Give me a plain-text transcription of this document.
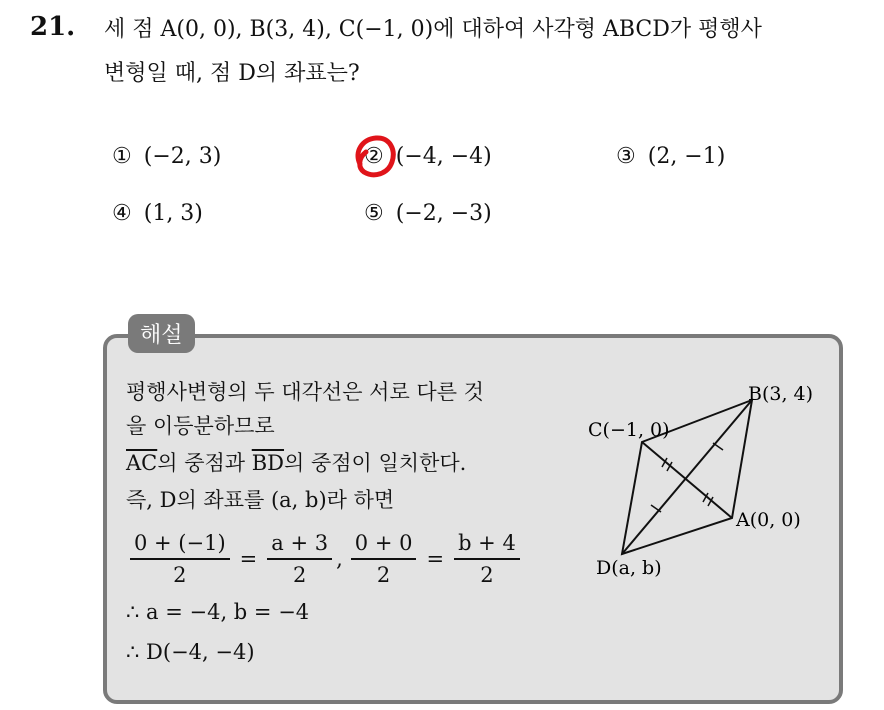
21. 세 점 A(0, 0), B(3, 4), C(−1, 0)에 대하여 사각형 ABCD가 평행사
변형일 때, 점 D의 좌표는?
① (−2, 3)	② (−4, −4)	③ (2, −1)
④ (1, 3)	⑤ (−2, −3)
해설
평행사변형의 두 대각선은 서로 다른 것
을 이등분하므로
$\overline{AC}$의 중점과 $\overline{BD}$의 중점이 일치한다.
즉, D의 좌표를 (a, b)라 하면
$\frac{0 + (-1)}{2} = \frac{a + 3}{2}$ , $\frac{0 + 0}{2} = \frac{b + 4}{2}$
∴ a = −4, b = −4
∴ D(−4, −4)
B(3, 4)
C(−1, 0)
A(0, 0)
D(a, b)
